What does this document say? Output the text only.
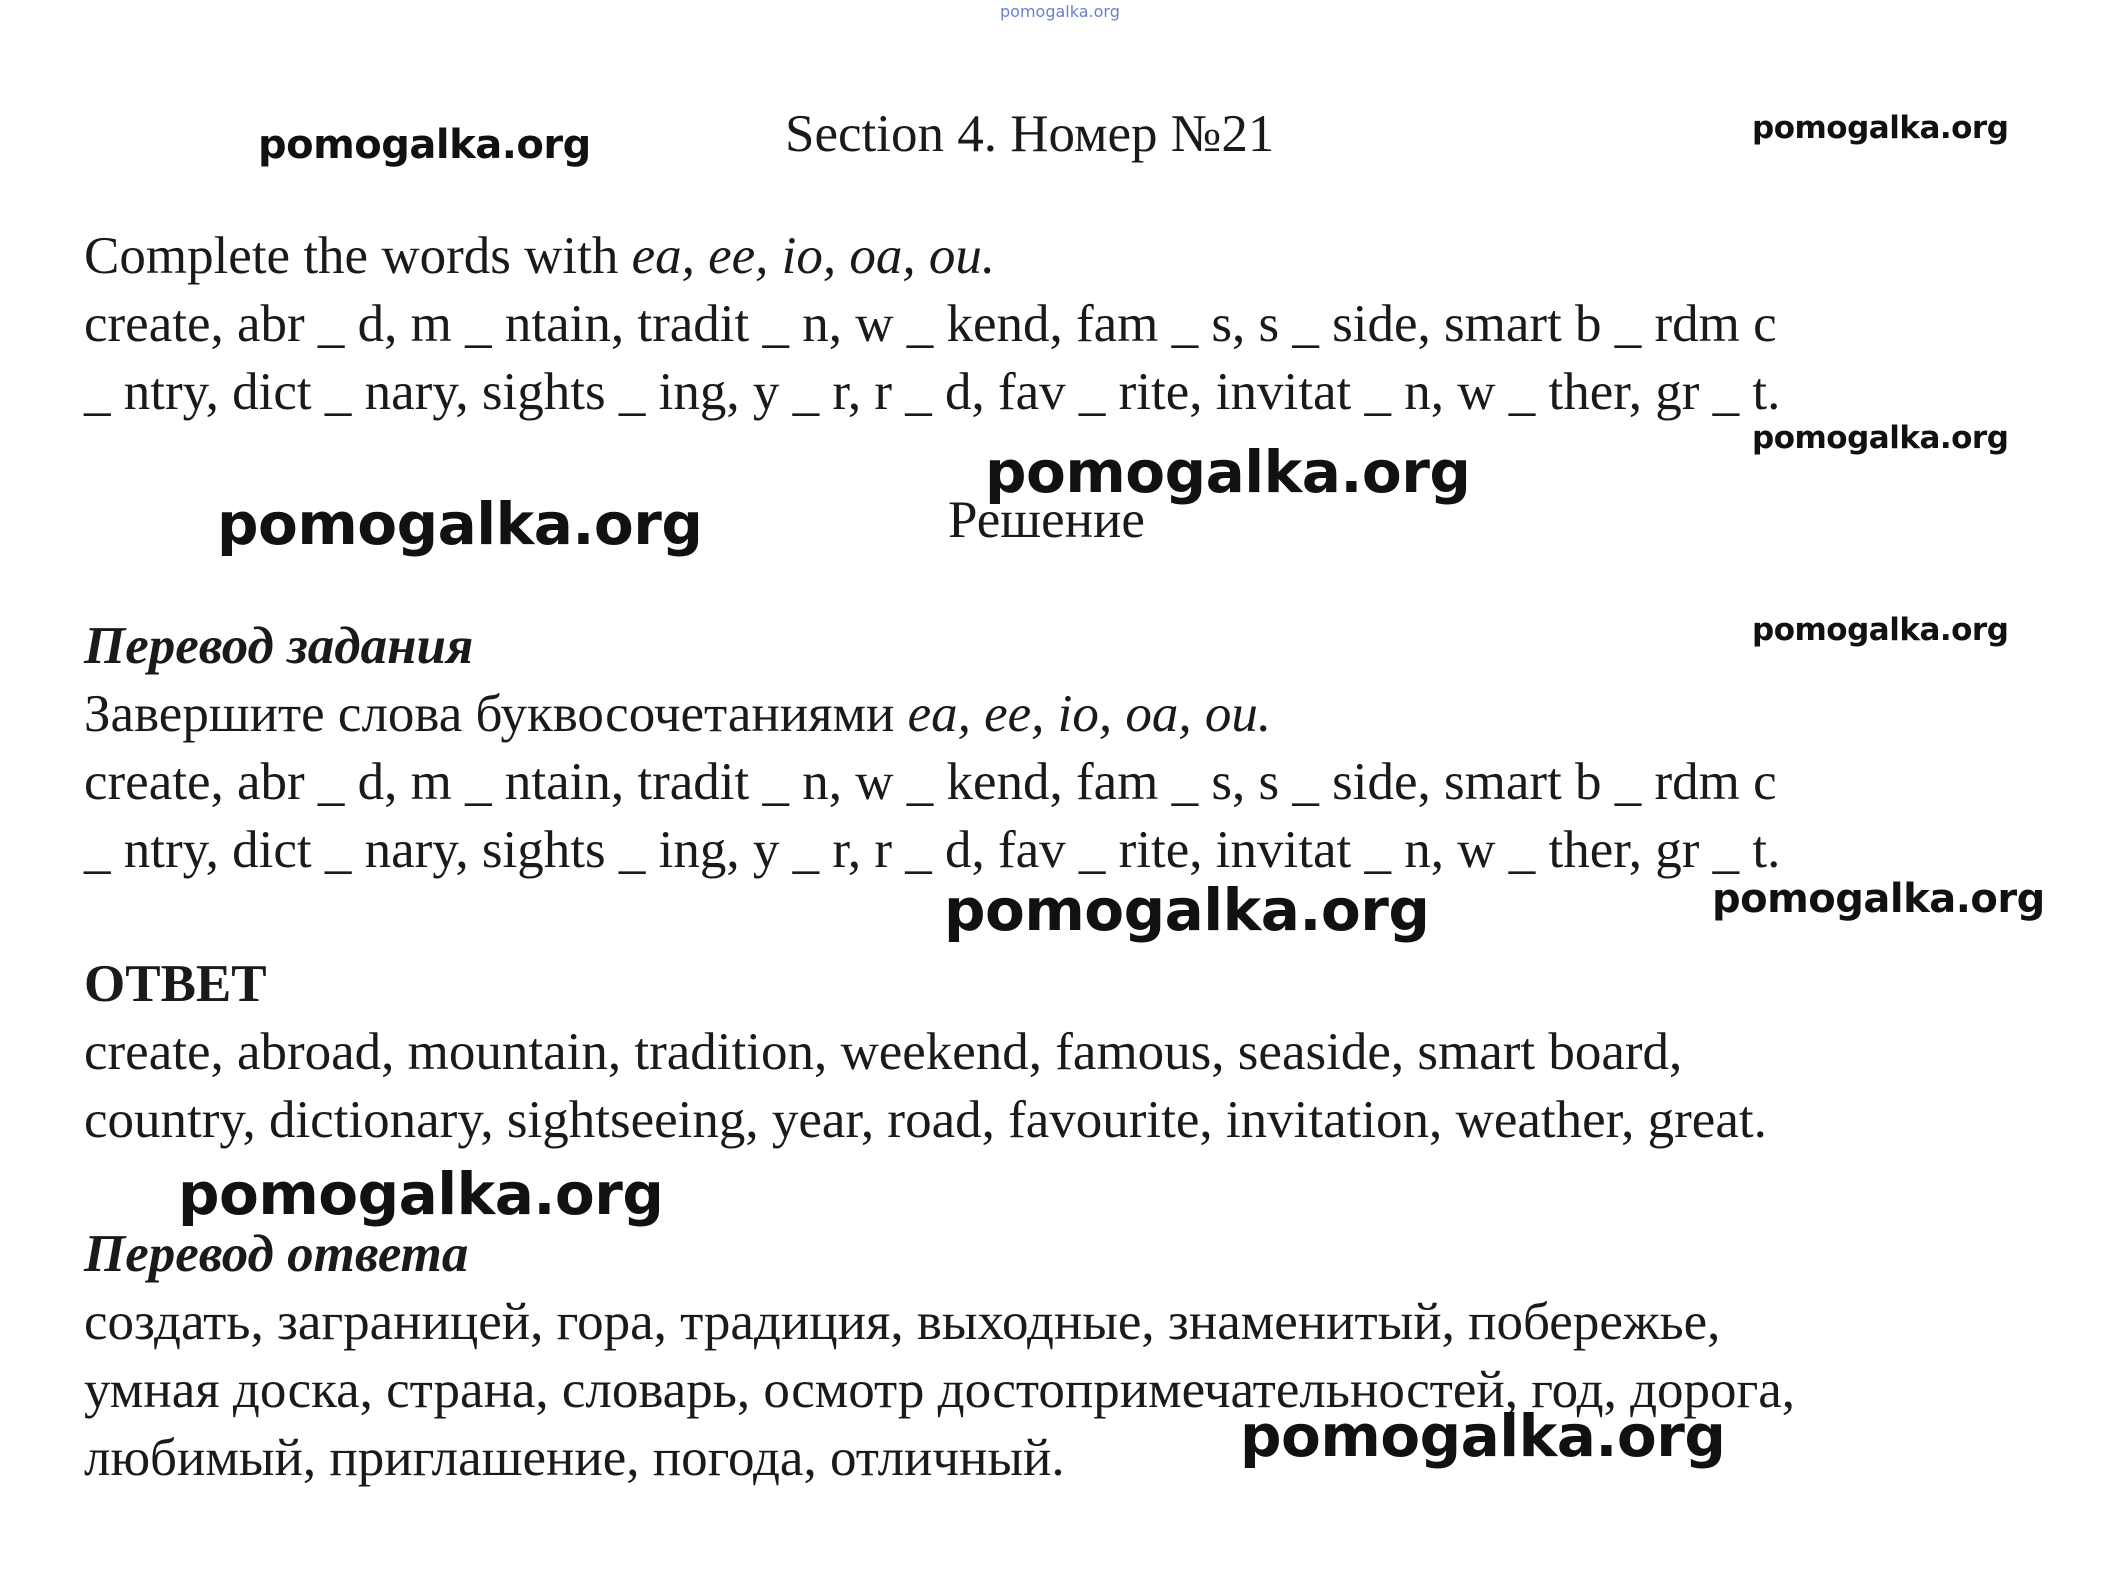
pomogalka.org
Section 4. Номер №21
Complete the words with ea, ee, io, oa, ou.
create, abr _ d, m _ ntain, tradit _ n, w _ kend, fam _ s, s _ side, smart b _ rdm c
_ ntry, dict _ nary, sights _ ing, y _ r, r _ d, fav _ rite, invitat _ n, w _ ther, gr _ t.
Решение
Перевод задания
Завершите слова буквосочетаниями ea, ee, io, oa, ou.
create, abr _ d, m _ ntain, tradit _ n, w _ kend, fam _ s, s _ side, smart b _ rdm c
_ ntry, dict _ nary, sights _ ing, y _ r, r _ d, fav _ rite, invitat _ n, w _ ther, gr _ t.
ОТВЕТ
create, abroad, mountain, tradition, weekend, famous, seaside, smart board,
country, dictionary, sightseeing, year, road, favourite, invitation, weather, great.
Перевод ответа
создать, заграницей, гора, традиция, выходные, знаменитый, побережье,
умная доска, страна, словарь, осмотр достопримечательностей, год, дорога,
любимый, приглашение, погода, отличный.
pomogalka.org	pomogalka.org
pomogalka.org
pomogalka.org
pomogalka.org
pomogalka.org
pomogalka.org	pomogalka.org
pomogalka.org
pomogalka.org
